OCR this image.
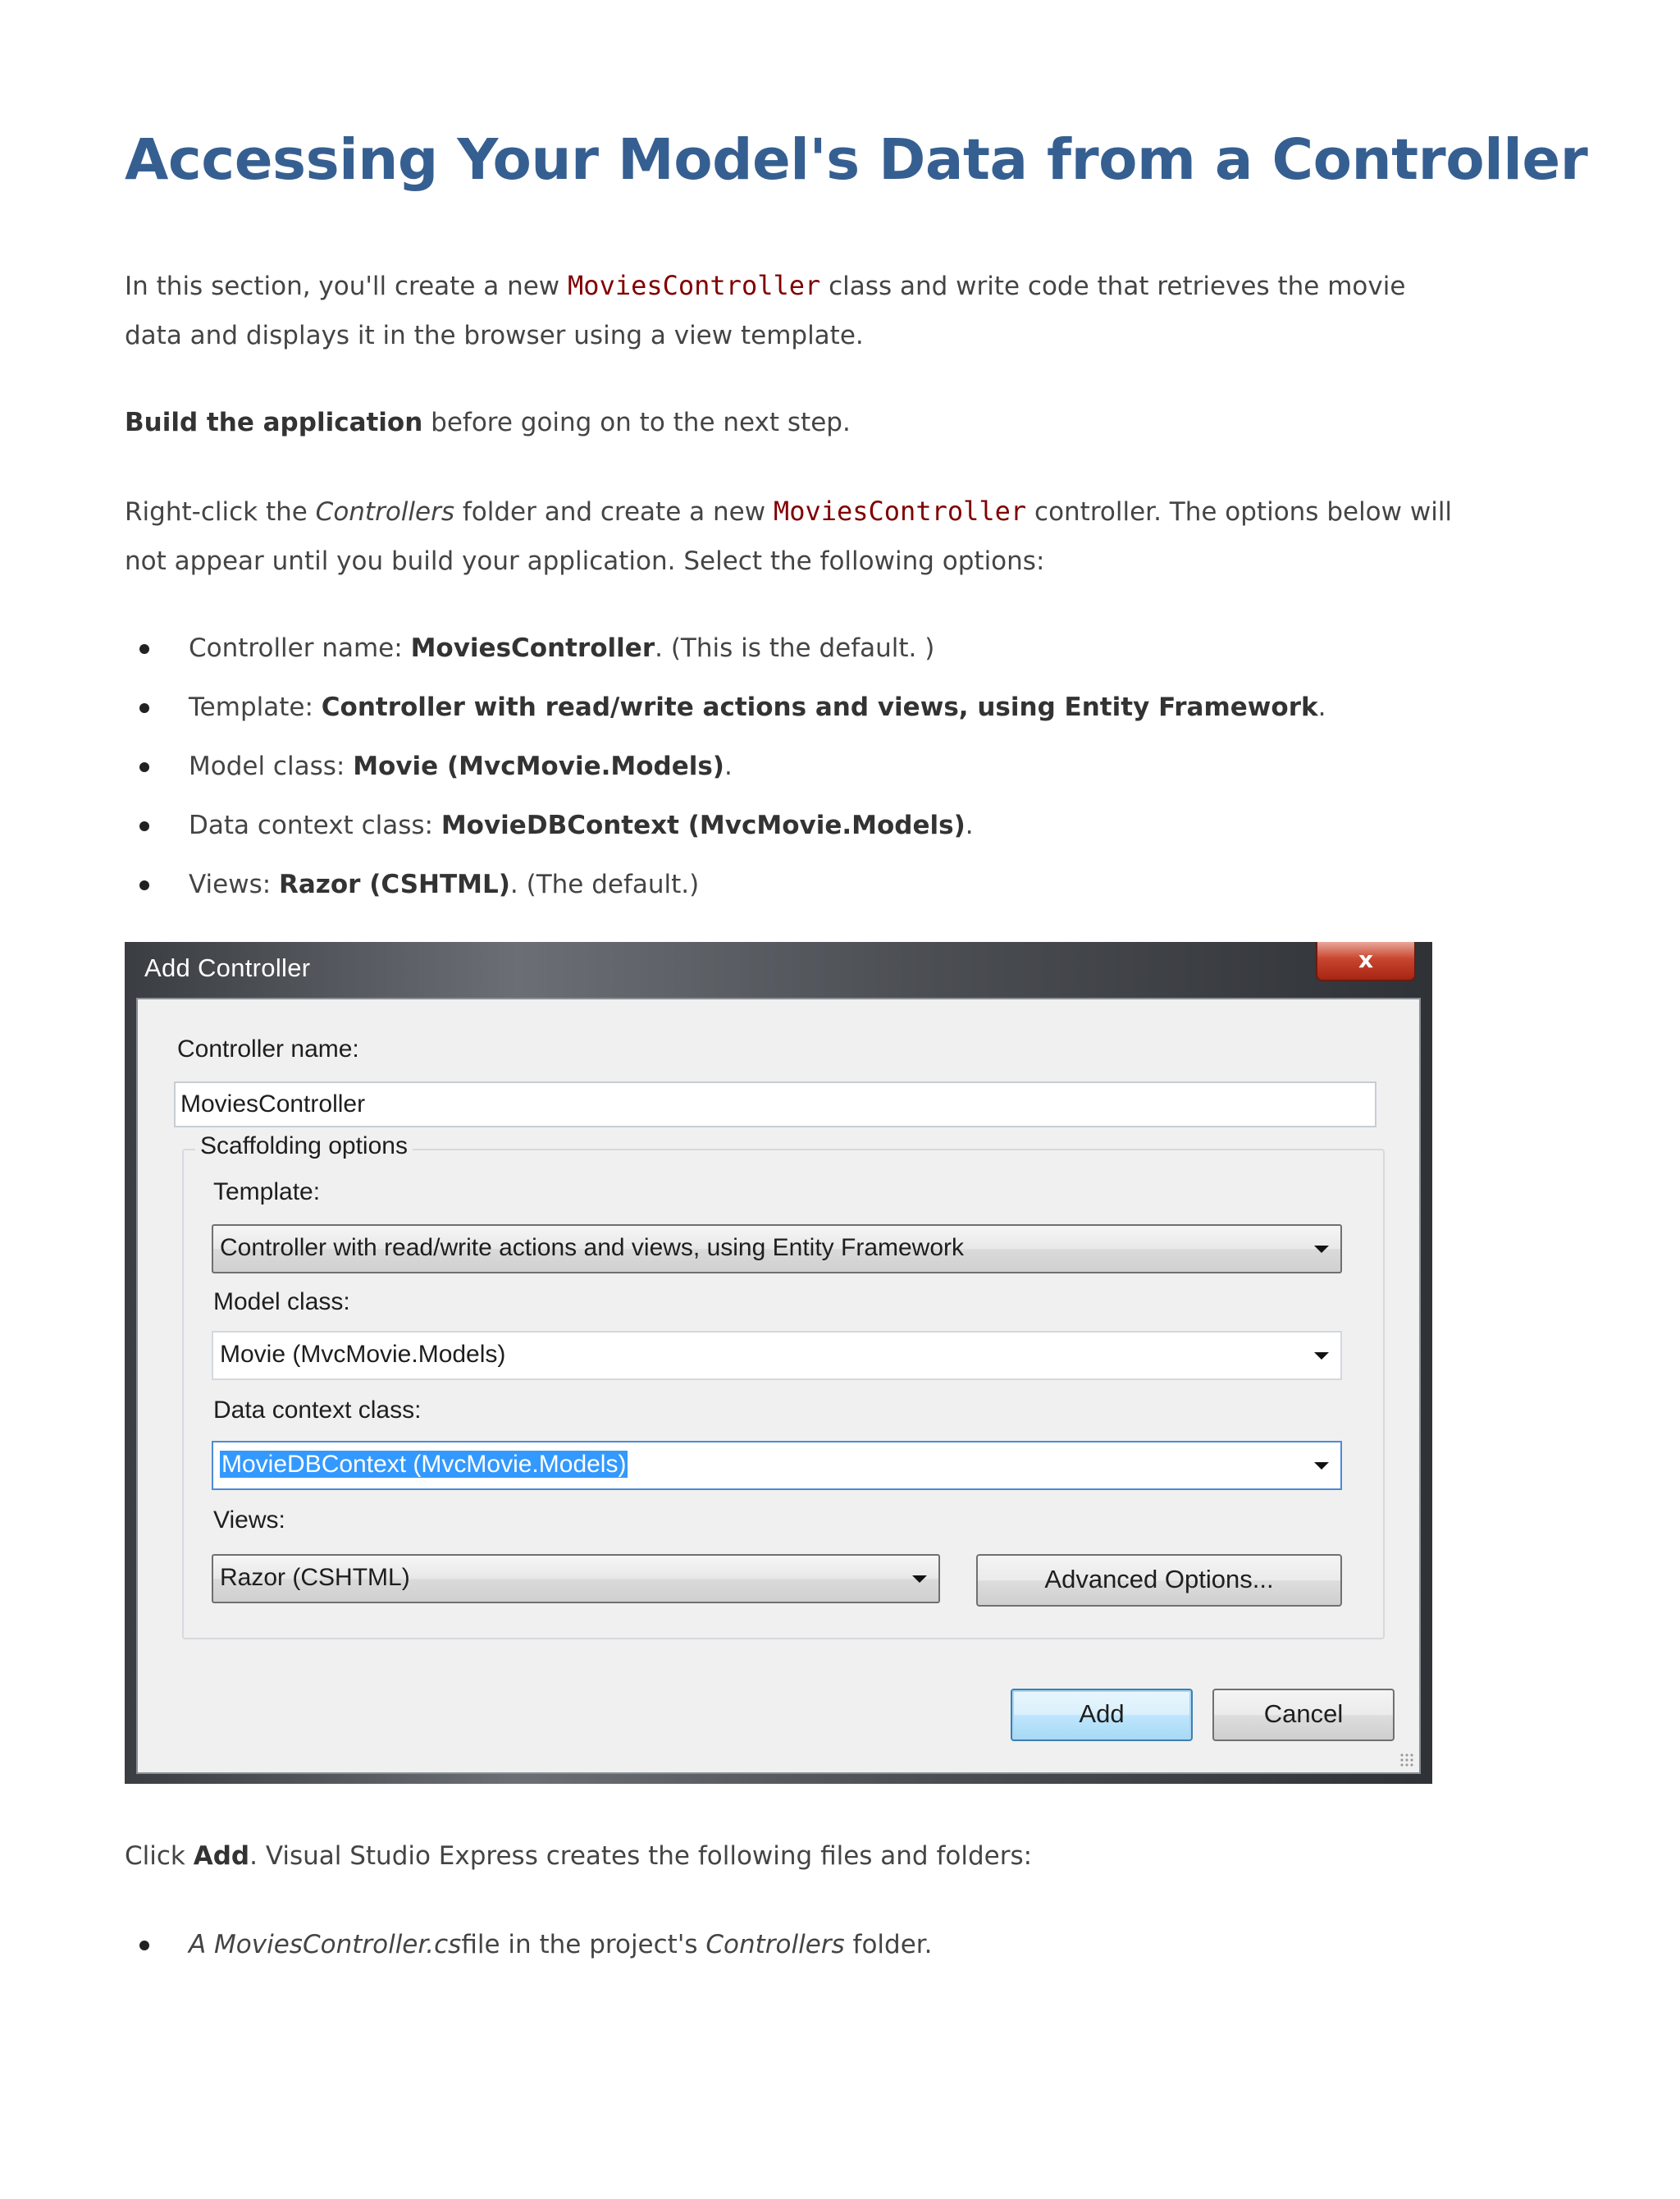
Accessing Your Model's Data from a Controller
In this section, you'll create a new MoviesController class and write code that retrieves the movie data and displays it in the browser using a view template.
Build the application before going on to the next step.
Right-click the Controllers folder and create a new MoviesController controller. The options below will not appear until you build your application. Select the following options:
Controller name: MoviesController. (This is the default. )
Template: Controller with read/write actions and views, using Entity Framework.
Model class: Movie (MvcMovie.Models).
Data context class: MovieDBContext (MvcMovie.Models).
Views: Razor (CSHTML). (The default.)
Click Add. Visual Studio Express creates the following files and folders:
A MoviesController.csfile in the project's Controllers folder.
Add Controller	x
Controller name:
MoviesController
Scaffolding options
Template:
Controller with read/write actions and views, using Entity Framework
Model class:
Movie (MvcMovie.Models)
Data context class:
MovieDBContext (MvcMovie.Models)
Views:
Razor (CSHTML)	Advanced Options...
Add	Cancel
